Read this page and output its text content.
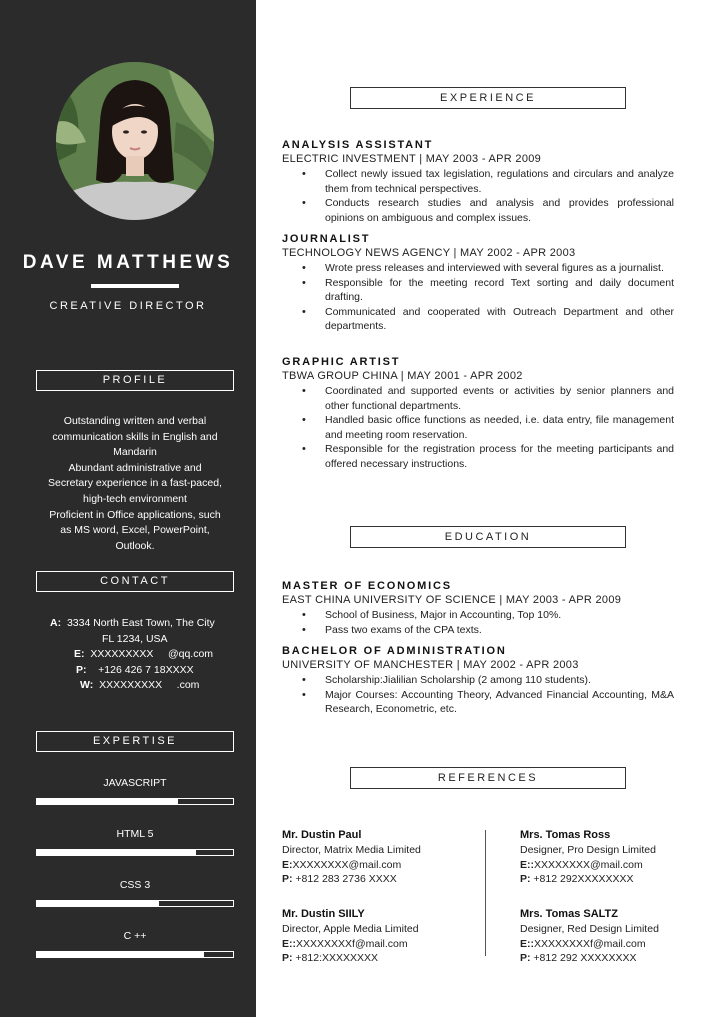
DAVE MATTHEWS
CREATIVE DIRECTOR
PROFILE
Outstanding written and verbal
communication skills in English and
Mandarin
Abundant administrative and
Secretary experience in a fast-paced,
high-tech environment
Proficient in Office applications, such
as MS word, Excel, PowerPoint,
Outlook.
CONTACT
A: 3334 North East Town, The City
FL 1234, USA
E: XXXXXXXXX     @qq.com
P: +126 426 7 18XXXX
W: XXXXXXXXX     .com
EXPERTISE
JAVASCRIPT
HTML 5
CSS 3
C ++
EXPERIENCE
ANALYSIS ASSISTANT
ELECTRIC INVESTMENT | MAY 2003 - APR 2009
• Collect newly issued tax legislation, regulations and circulars and analyze them from technical perspectives.
• Conducts research studies and analysis and provides professional opinions on ambiguous and complex issues.
JOURNALIST
TECHNOLOGY NEWS AGENCY | MAY 2002 - APR 2003
• Wrote press releases and interviewed with several figures as a journalist.
• Responsible for the meeting record Text sorting and daily document drafting.
• Communicated and cooperated with Outreach Department and other departments.
GRAPHIC ARTIST
TBWA GROUP CHINA | MAY 2001 - APR 2002
• Coordinated and supported events or activities by senior planners and other functional departments.
• Handled basic office functions as needed, i.e. data entry, file management and meeting room reservation.
• Responsible for the registration process for the meeting participants and offered necessary instructions.
EDUCATION
MASTER OF ECONOMICS
EAST CHINA UNIVERSITY OF SCIENCE | MAY 2003 - APR 2009
• School of Business, Major in Accounting, Top 10%.
• Pass two exams of the CPA texts.
BACHELOR OF ADMINISTRATION
UNIVERSITY OF MANCHESTER | MAY 2002 - APR 2003
• Scholarship:Jialilian Scholarship (2 among 110 students).
• Major Courses: Accounting Theory, Advanced Financial Accounting, M&A Research, Econometric, etc.
REFERENCES
Mr. Dustin Paul
Director, Matrix Media Limited
E:XXXXXXXX@mail.com
P: +812 283 2736 XXXX
Mrs. Tomas Ross
Designer, Pro Design Limited
E::XXXXXXXX@mail.com
P: +812 292XXXXXXXX
Mr. Dustin SIILY
Director, Apple Media Limited
E::XXXXXXXXf@mail.com
P: +812:XXXXXXXX
Mrs. Tomas SALTZ
Designer, Red Design Limited
E::XXXXXXXXf@mail.com
P: +812 292 XXXXXXXX
